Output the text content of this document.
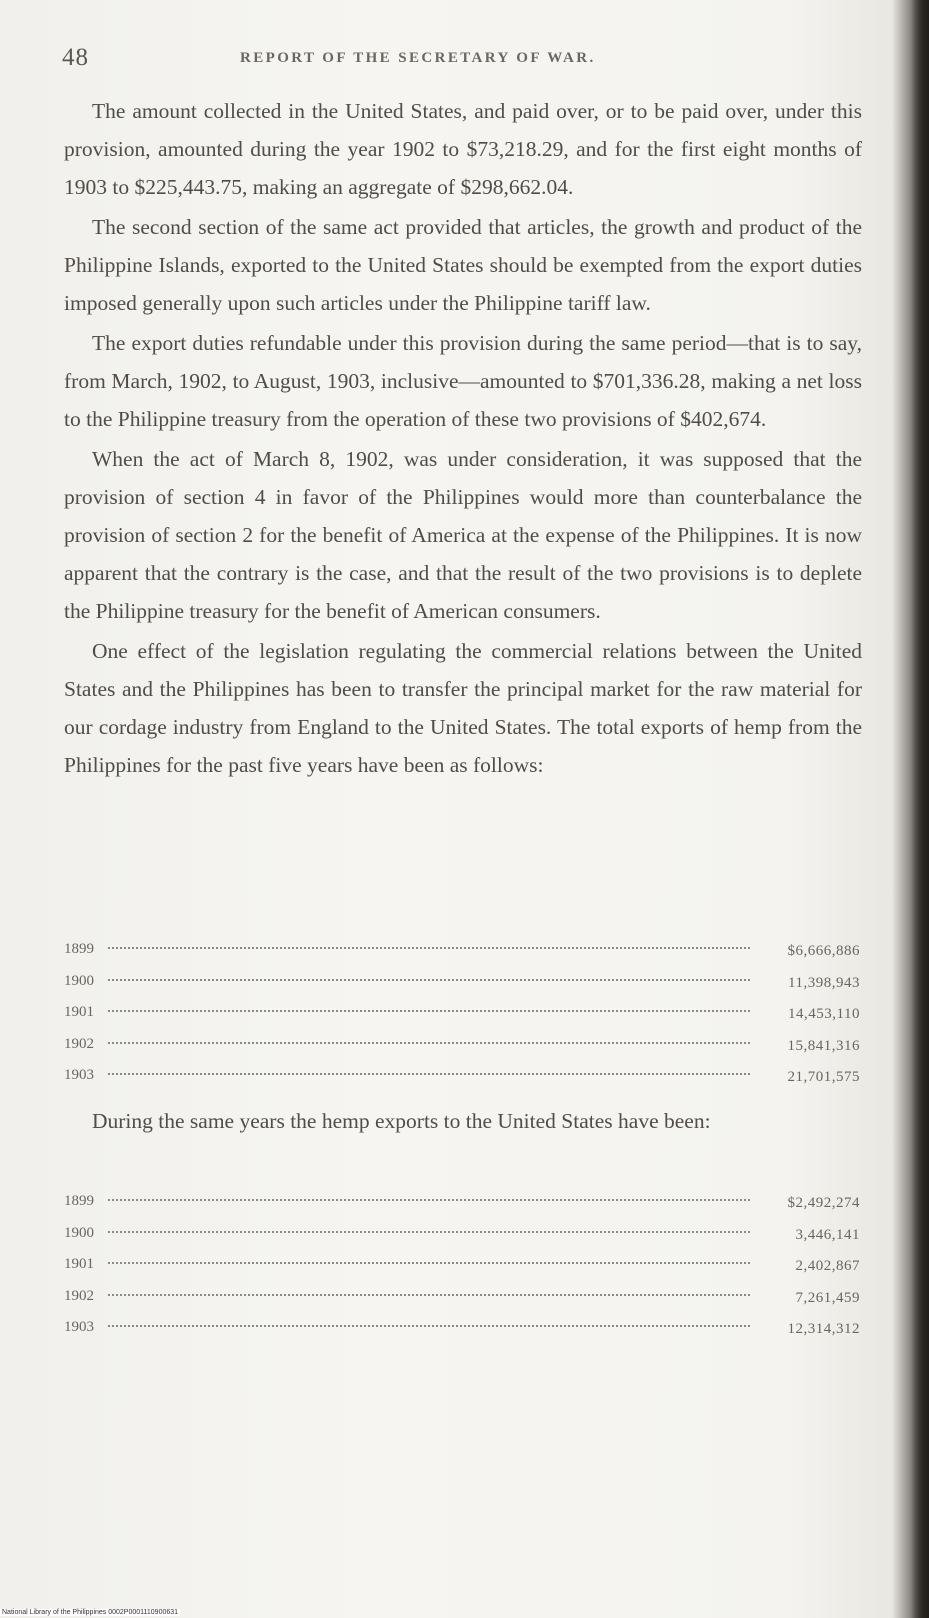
48	REPORT OF THE SECRETARY OF WAR.

The amount collected in the United States, and paid over, or to be paid over, under this provision, amounted during the year 1902 to $73,218.29, and for the first eight months of 1903 to $225,443.75, making an aggregate of $298,662.04.

The second section of the same act provided that articles, the growth and product of the Philippine Islands, exported to the United States should be exempted from the export duties imposed generally upon such articles under the Philippine tariff law.

The export duties refundable under this provision during the same period—that is to say, from March, 1902, to August, 1903, inclusive—amounted to $701,336.28, making a net loss to the Philippine treasury from the operation of these two provisions of $402,674.

When the act of March 8, 1902, was under consideration, it was supposed that the provision of section 4 in favor of the Philippines would more than counterbalance the provision of section 2 for the benefit of America at the expense of the Philippines. It is now apparent that the contrary is the case, and that the result of the two provisions is to deplete the Philippine treasury for the benefit of American consumers.

One effect of the legislation regulating the commercial relations between the United States and the Philippines has been to transfer the principal market for the raw material for our cordage industry from England to the United States. The total exports of hemp from the Philippines for the past five years have been as follows:

1899	$6,666,886
1900	11,398,943
1901	14,453,110
1902	15,841,316
1903	21,701,575

During the same years the hemp exports to the United States have been:

1899	$2,492,274
1900	3,446,141
1901	2,402,867
1902	7,261,459
1903	12,314,312
National Library of the Philippines 0002P0001110900631
